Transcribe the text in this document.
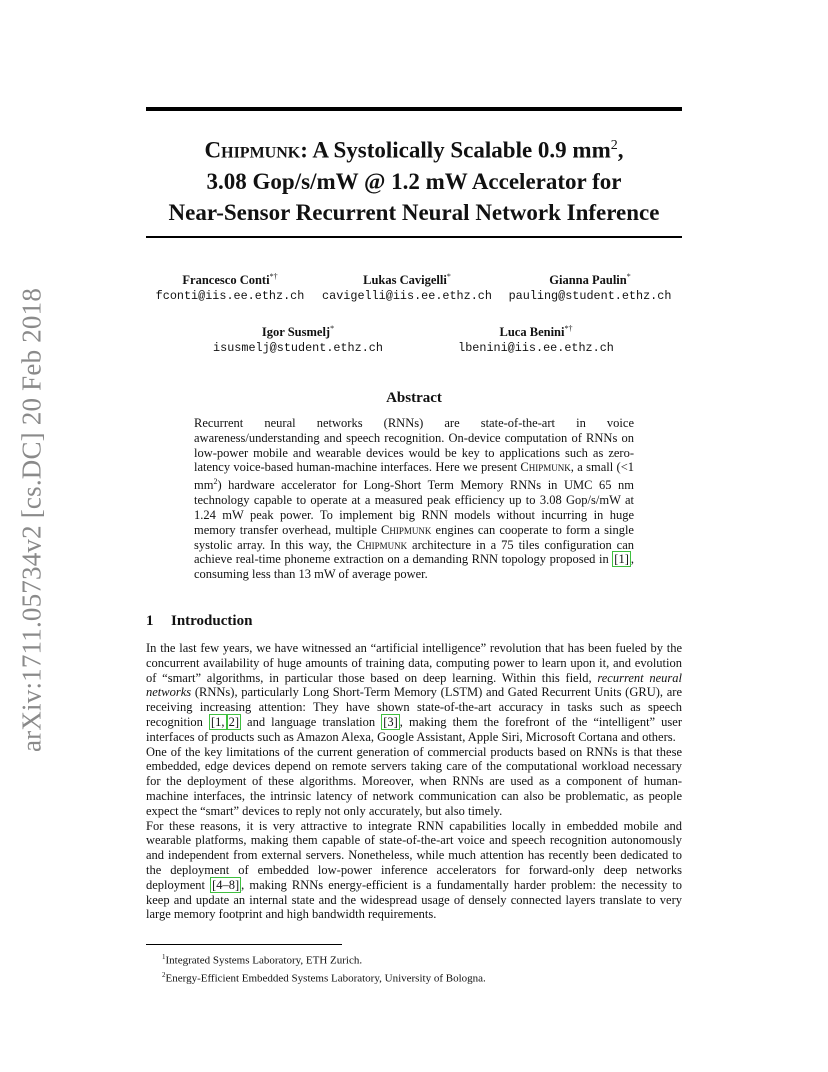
arXiv:1711.05734v2 [cs.DC] 20 Feb 2018
Chipmunk: A Systolically Scalable 0.9 $mm^2$,
3.08 Gop/s/mW @ 1.2 mW Accelerator for
Near-Sensor Recurrent Neural Network Inference
Francesco Conti*†
fconti@iis.ee.ethz.ch
Lukas Cavigelli*
cavigelli@iis.ee.ethz.ch
Gianna Paulin*
pauling@student.ethz.ch
Igor Susmelj*
isusmelj@student.ethz.ch
Luca Benini*†
lbenini@iis.ee.ethz.ch
Abstract
Recurrent neural networks (RNNs) are state-of-the-art in voice awareness/understanding and speech recognition. On-device computation of RNNs on low-power mobile and wearable devices would be key to applications such as zero-latency voice-based human-machine interfaces. Here we present Chipmunk, a small (<1 $mm^2$) hardware accelerator for Long-Short Term Memory RNNs in UMC 65 nm technology capable to operate at a measured peak efficiency up to 3.08 Gop/s/mW at 1.24 mW peak power. To implement big RNN models without incurring in huge memory transfer overhead, multiple Chipmunk engines can cooperate to form a single systolic array. In this way, the Chipmunk architecture in a 75 tiles configuration can achieve real-time phoneme extraction on a demanding RNN topology proposed in [1] , consuming less than 13 mW of average power.
1 Introduction

In the last few years, we have witnessed an “artificial intelligence” revolution that has been fueled by the concurrent availability of huge amounts of training data, computing power to learn upon it, and evolution of “smart” algorithms, in particular those based on deep learning. Within this field, recurrent neural networks (RNNs), particularly Long Short-Term Memory (LSTM) and Gated Recurrent Units (GRU), are receiving increasing attention: They have shown state-of-the-art accuracy in tasks such as speech recognition [1, 2] and language translation [3] , making them the forefront of the “intelligent” user interfaces of products such as Amazon Alexa, Google Assistant, Apple Siri, Microsoft Cortana and others.

One of the key limitations of the current generation of commercial products based on RNNs is that these embedded, edge devices depend on remote servers taking care of the computational workload necessary for the deployment of these algorithms. Moreover, when RNNs are used as a component of human-machine interfaces, the intrinsic latency of network communication can also be problematic, as people expect the “smart” devices to reply not only accurately, but also timely.

For these reasons, it is very attractive to integrate RNN capabilities locally in embedded mobile and wearable platforms, making them capable of state-of-the-art voice and speech recognition autonomously and independent from external servers. Nonetheless, while much attention has recently been dedicated to the deployment of embedded low-power inference accelerators for forward-only deep networks deployment [4–8] , making RNNs energy-efficient is a fundamentally harder problem: the necessity to keep and update an internal state and the widespread usage of densely connected layers translate to very large memory footprint and high bandwidth requirements.

$^1$Integrated Systems Laboratory, ETH Zurich.
$^2$Energy-Efficient Embedded Systems Laboratory, University of Bologna.
